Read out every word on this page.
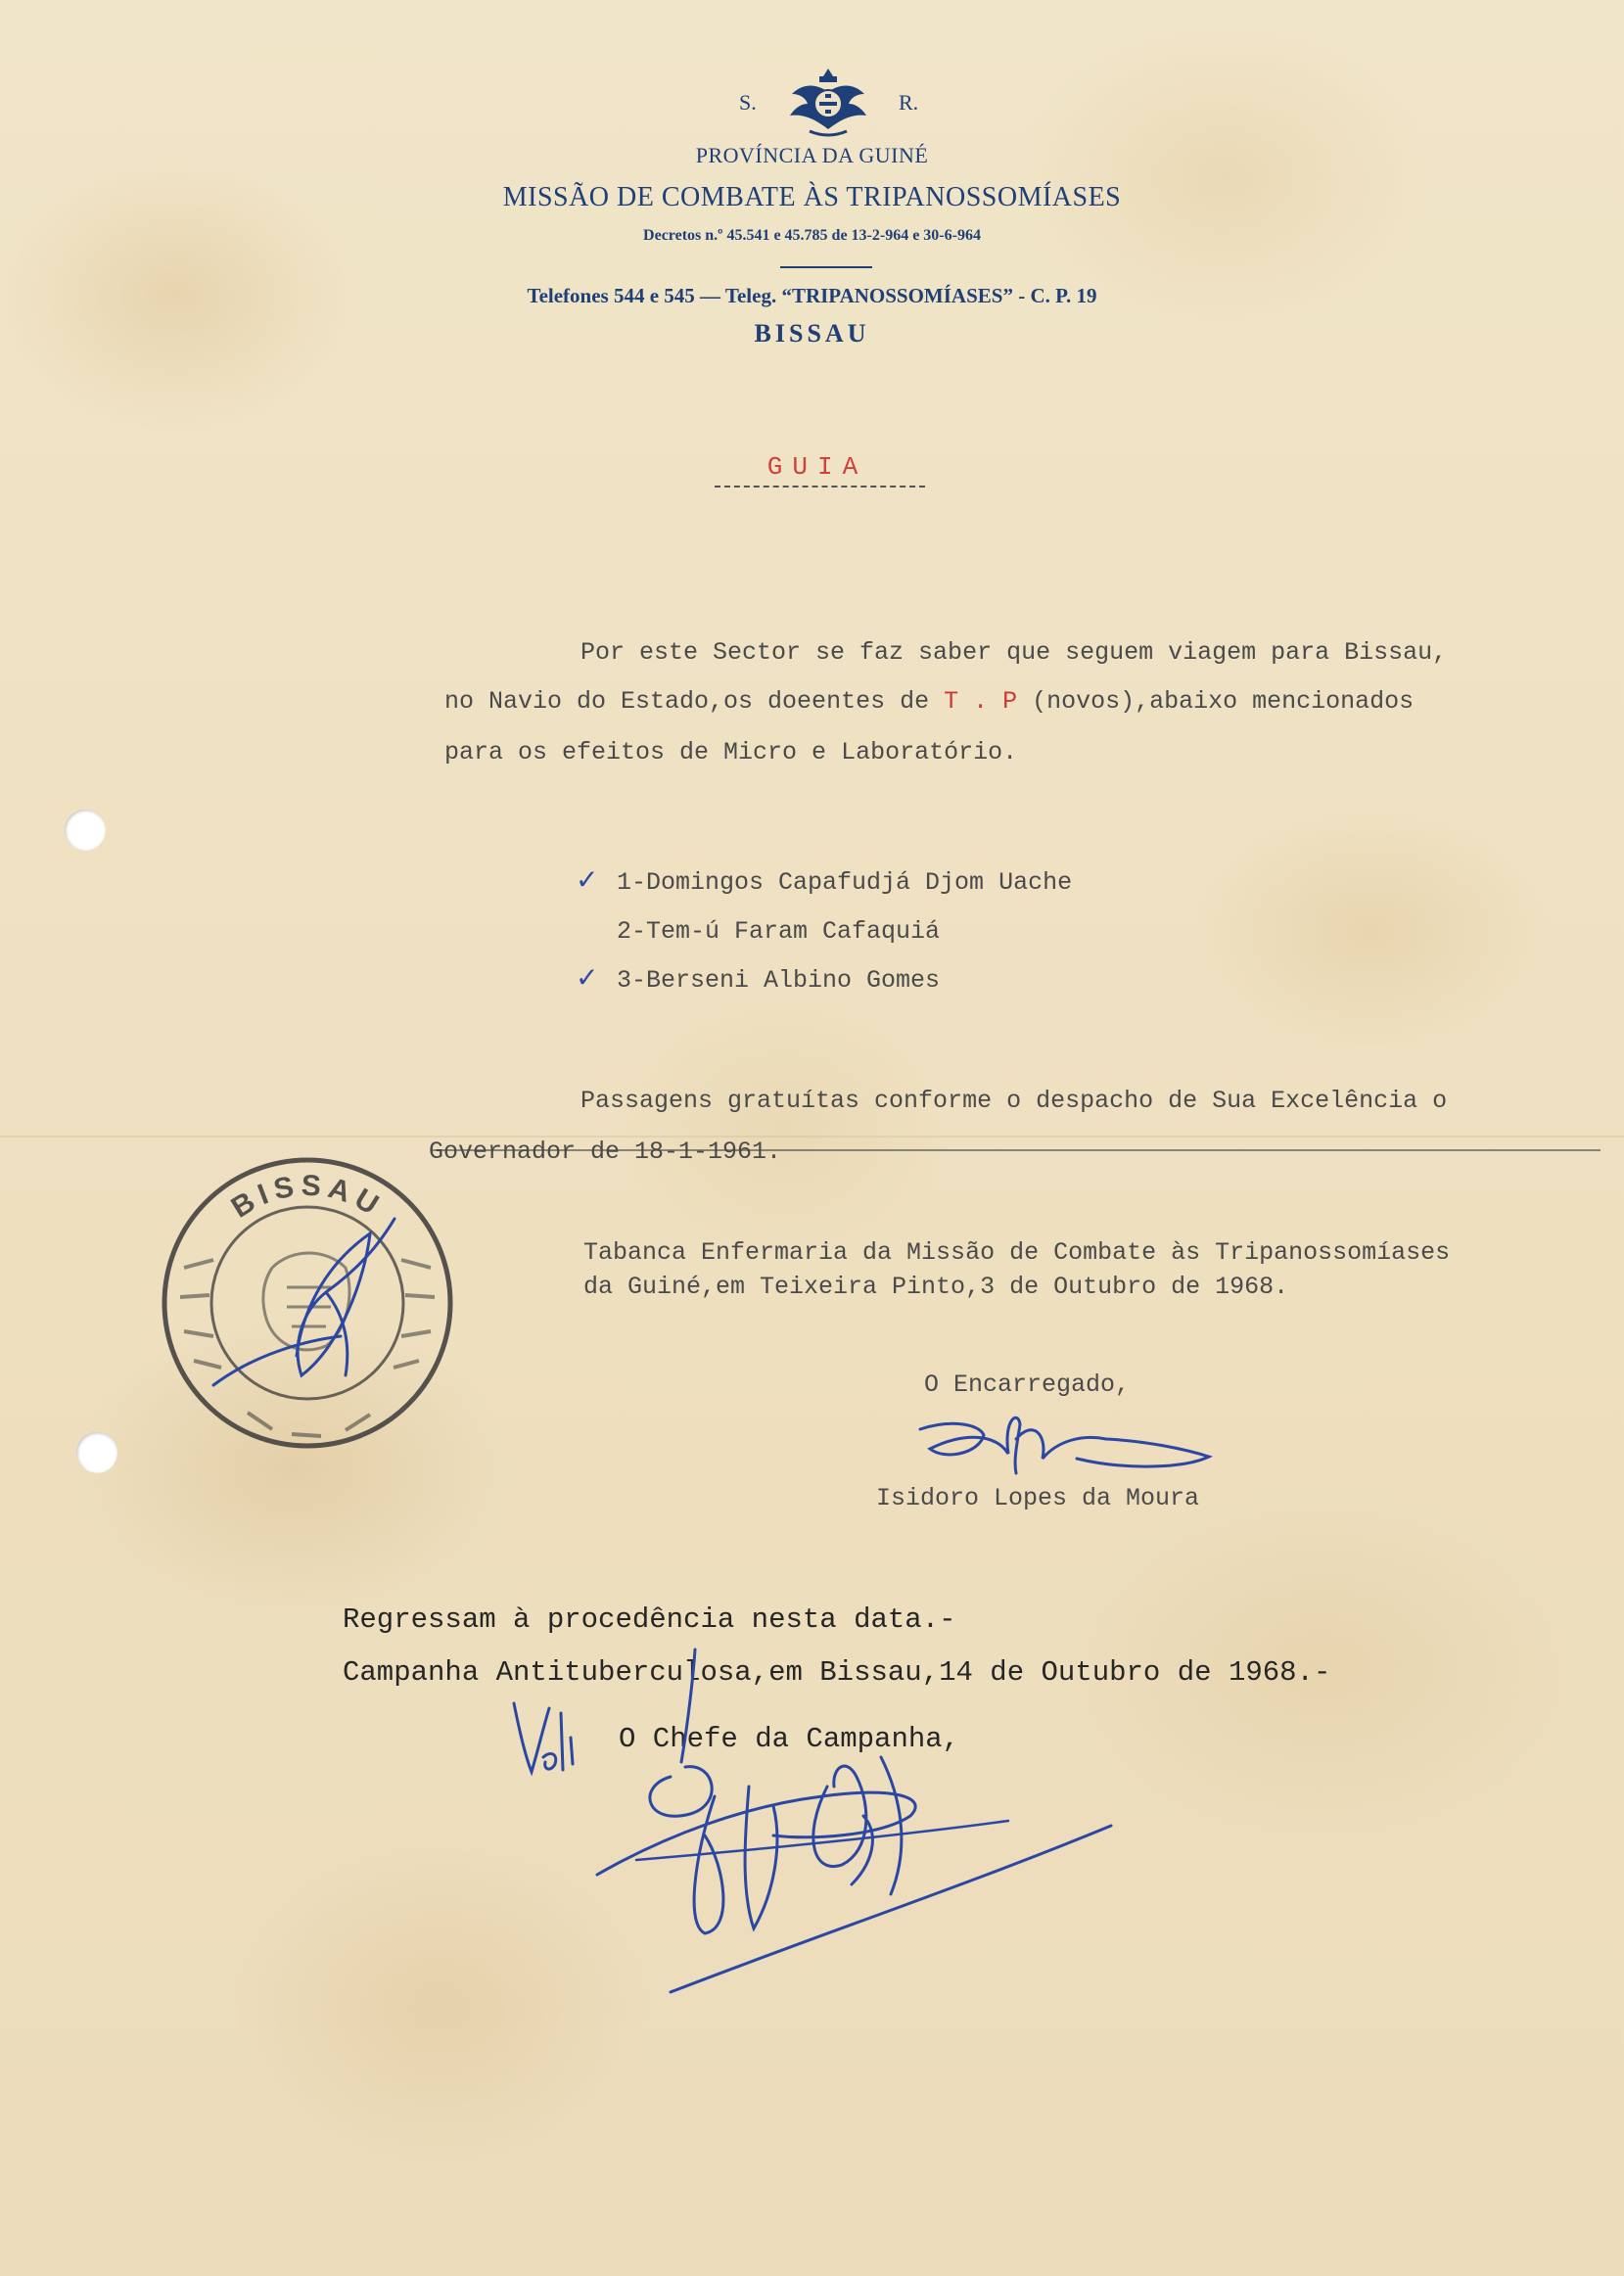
S.	R.
PROVÍNCIA DA GUINÉ
MISSÃO DE COMBATE ÀS TRIPANOSSOMÍASES
Decretos n.º 45.541 e 45.785 de 13-2-964 e 30-6-964
Telefones 544 e 545 — Teleg. “TRIPANOSSOMÍASES” - C. P. 19
BISSAU
GUIA
Por este Sector se faz saber que seguem viagem para Bissau,
no Navio do Estado,os doeentes de T . P (novos),abaixo mencionados
para os efeitos de Micro e Laboratório.
✓ 1-Domingos Capafudjá Djom Uache
2-Tem-ú Faram Cafaquiá
✓ 3-Berseni Albino Gomes
Passagens gratuítas conforme o despacho de Sua Excelência o
Governador de 18-1-1961.
Tabanca Enfermaria da Missão de Combate às Tripanossomíases
da Guiné,em Teixeira Pinto,3 de Outubro de 1968.
O Encarregado,
Isidoro Lopes da Moura
BISSAU
Regressam à procedência nesta data.-
Campanha Antituberculosa,em Bissau,14 de Outubro de 1968.-
O Chefe da Campanha,
